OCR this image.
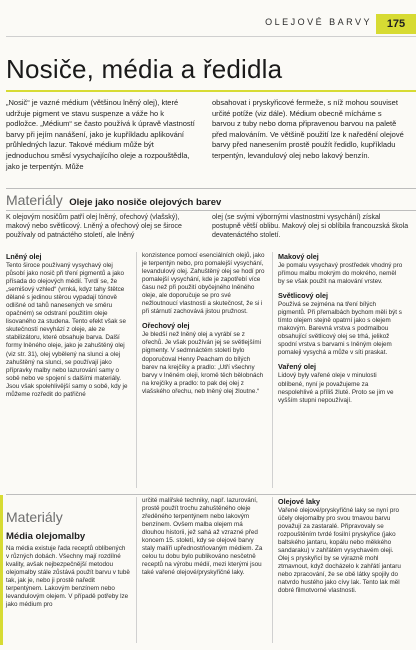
OLEJOVÉ BARVY	175
Nosiče, média a ředidla

„Nosič“ je vazné médium (většinou lněný olej), které udržuje pigment ve stavu suspenze a váže ho k podložce. „Médium“ se často používá k úpravě vlastností barvy při jejím nanášení, jako je kupříkladu aplikování průhledných lazur. Takové médium může být jednoduchou směsí vysychajícího oleje a rozpouštědla, jako je terpentýn. Může

obsahovat i pryskyřicové fermeže, s níž mohou souviset určité potíže (viz dále). Médium obecně míchámе s barvou z tuby nebo doma připravenou barvou na paletě před malováním. Ve většině použití lze k naředění olejové barvy před nanesením prostě použít ředidlo, kupříkladu terpentýn, levandulový olej nebo lakový benzín.

Materiály Oleje jako nosiče olejových barev

K olejovým nosičům patří olej lněný, ořechový (vlašský), makový nebo světlicový. Lněný a ořechový olej se široce používaly od patnáctého století, ale lněný

olej (se svými výbornými vlastnostmi vysychání) získal postupně větší oblibu. Makový olej si oblíbila francouzská škola devatenáctého století.

Lněný olej

Tento široce používaný vysychavý olej působí jako nosič při tření pigmentů a jako přísada do olejových médií. Tvrdí se, že „semišový vzhled“ (vrnká, kdyz tahy štětce dělané s jedinou stěrou vypadají tónově odlišné od tahů nanesených ve směru opačném) se odstraní použitím oleje lisovaného za studena. Tento efekt však se skutečností nevyhází z oleje, ale ze stabilizátoru, které obsahuje barva. Další formy lněného oleje, jako je zahuštěný olej (viz str. 31), olej vybělený na slunci a olej zahuštěný na slunci, se používají jako přípravky malby nebo lazurování samy o sobě nebo ve spojení s dalšími materiály. Jsou však spolehlivější samy o sobě, kdy je můžeme rozředit do patřičné

konzistence pomocí esenciálních olejů, jako je terpentýn nebo, pro pomalejší vysychání, levandulový olej. Zahuštěný olej se hodí pro pomalejší vysychání, kde je zapotřebí více času než při použití obyčejného lněného oleje, ale doporučuje se pro své nežloutnoucí vlastnosti a skutečnost, že si i při stárnutí zachovává jistou pružnost.

Ořechový olej

Je bledší než lněný olej a vyrábí se z ořechů. Je však používán jej se světlejšími pigmenty. V sedmnáctém století bylo doporučoval Henry Peacham do bílých barev na krejčíky a pradlo: „Utří všechny barvy v lněném oleji, kromě těch bělobnách na krejčíky a pradlo: to pak dej olej z vlašského ořechu, neb lněný olej žloutne.“

Makový olej

Je pomalu vysychavý prostředek vhodný pro přímou malbu mokrým do mokrého, neměl by se však použít na malování vrstev.

Světlicový olej

Používá se zejména na tření bílých pigmentů. Při přemalbách bychom měli být s tímto olejem stejně opatrní jako s olejem makovým. Barevná vrstva s podmalbou obsahující světlicový olej se trhá, jelikož spodní vrstva s barvami s lněným olejem pomaleji vysychá a může v síti praskat.

Vařený olej

Lidový byly vařené oleje v minulosti oblíbené, nyní je považujeme za nespolehlivé a příliš žluté. Proto se jim ve vyšším stupni nepoužívají.

Materiály
Média olejomalby

Na média existuje řada receptů oblíbených v různých dobách. Všechny mají rozdílné kvality, avšak nejbezpečnější metodou olejomalby stále zůstává použít barvu v tubě tak, jak je, nebo ji prostě naředit terpentýnem. Lakovým benzínem nebo levandulovým olejem. V případě potřeby lze jako médium pro

určité malířské techniky, např. lazurování, prostě použít trochu zahuštěného oleje zředěného terpentýnem nebo lakovým benzínem. Ovšem malba olejem má dlouhou historii, jež sahá až vzrazné před koncem 15. století, kdy se olejové barvy staly malíři upřednostňovaným médiem. Za celou tu dobu bylo publikováno nesčetně receptů na výrobu médií, mezi kterými jsou také vařené olejové/pryskyřičné laky.

Olejové laky

Vařené olejové/pryskyřičné laky se nyní pro účely olejomalby pro svou tmavou barvu považují za zastaralé. Připravovaly se rozpouštěním tvrdé fosilní pryskyřice (jako baltského jantaru, kopálu nebo měkkého sandaraku) v zahřátém vysychavém oleji. Olej s pryskyřicí by se výrazně mohl ztmavnout, když docházelo k zahřátí jantaru nebo zpracování, že se obě látky spojily do natvrdo hustého jako cívy lak. Tento lak měl dobré filmotvorné vlastnosti.
